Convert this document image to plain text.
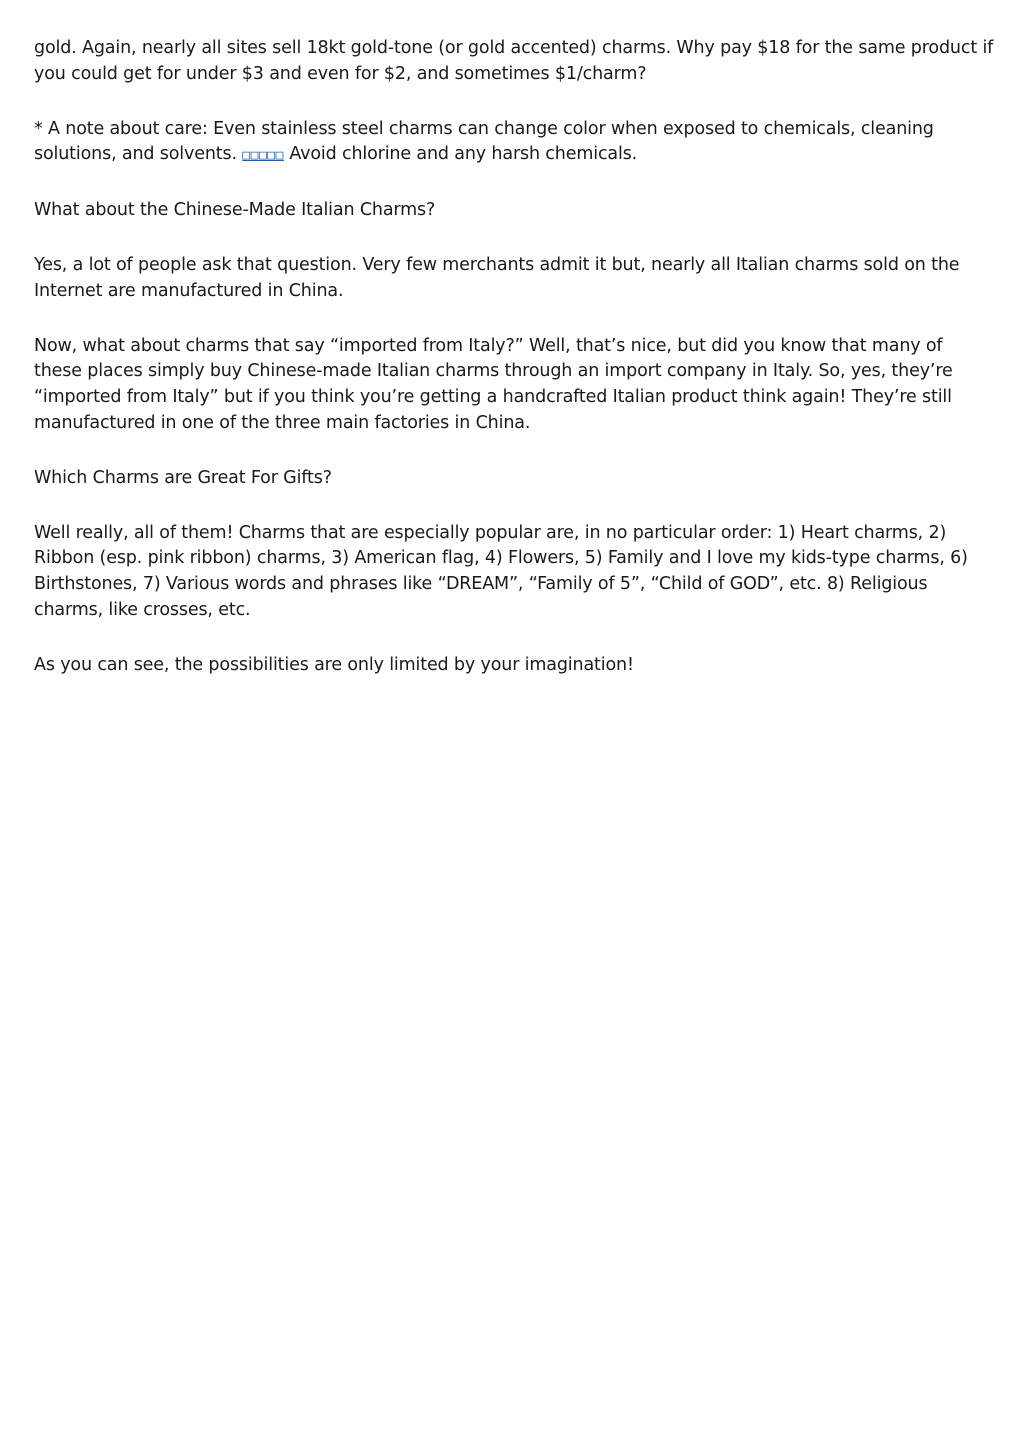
gold. Again, nearly all sites sell 18kt gold-tone (or gold accented) charms. Why pay $18 for the same product if you could get for under $3 and even for $2, and sometimes $1/charm?

* A note about care: Even stainless steel charms can change color when exposed to chemicals, cleaning solutions, and solvents. □□□□□ Avoid chlorine and any harsh chemicals.

What about the Chinese-Made Italian Charms?

Yes, a lot of people ask that question. Very few merchants admit it but, nearly all Italian charms sold on the Internet are manufactured in China.

Now, what about charms that say “imported from Italy?” Well, that’s nice, but did you know that many of these places simply buy Chinese-made Italian charms through an import company in Italy. So, yes, they’re “imported from Italy” but if you think you’re getting a handcrafted Italian product think again! They’re still manufactured in one of the three main factories in China.

Which Charms are Great For Gifts?

Well really, all of them! Charms that are especially popular are, in no particular order: 1) Heart charms, 2) Ribbon (esp. pink ribbon) charms, 3) American flag, 4) Flowers, 5) Family and I love my kids-type charms, 6) Birthstones, 7) Various words and phrases like “DREAM”, “Family of 5”, “Child of GOD”, etc. 8) Religious charms, like crosses, etc.

As you can see, the possibilities are only limited by your imagination!
